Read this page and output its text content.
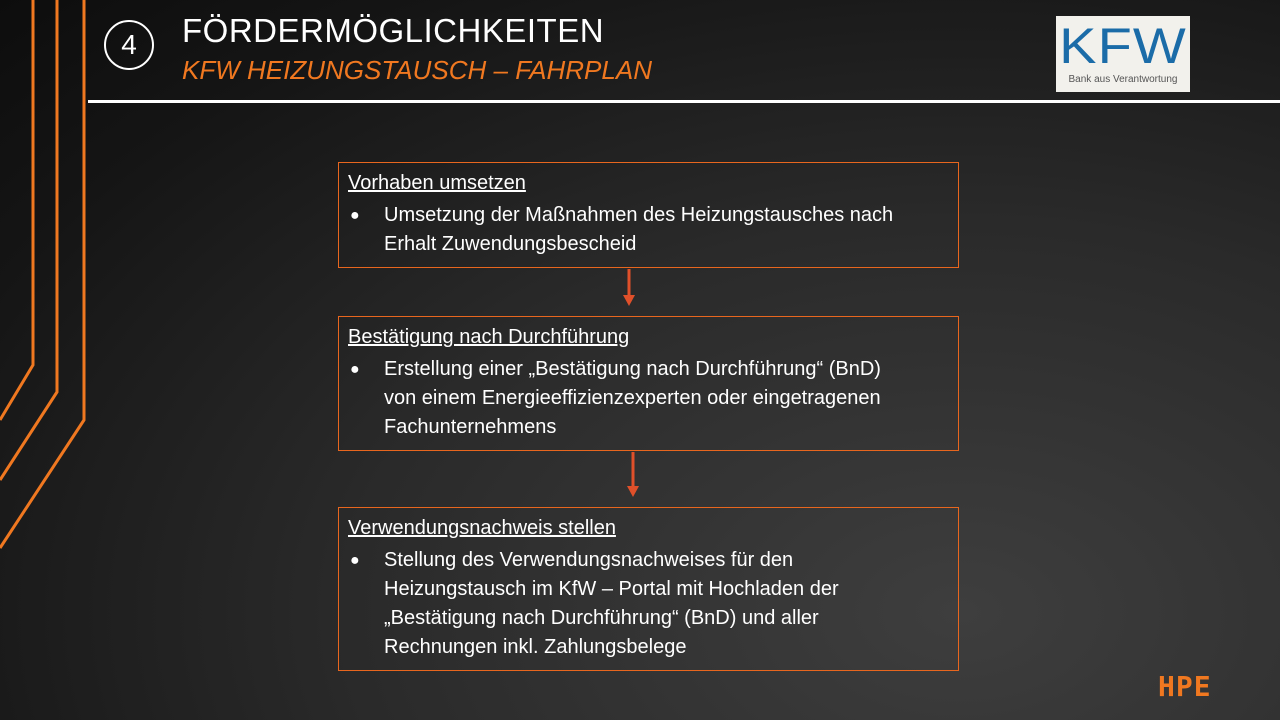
4 FÖRDERMÖGLICHKEITEN
KFW HEIZUNGSTAUSCH – FAHRPLAN	KFW
Bank aus Verantwortung
Vorhaben umsetzen
● Umsetzung der Maßnahmen des Heizungstausches nach
Erhalt Zuwendungsbescheid
Bestätigung nach Durchführung
● Erstellung einer „Bestätigung nach Durchführung“ (BnD)
von einem Energieeffizienzexperten oder eingetragenen
Fachunternehmens
Verwendungsnachweis stellen
● Stellung des Verwendungsnachweises für den
Heizungstausch im KfW – Portal mit Hochladen der
„Bestätigung nach Durchführung“ (BnD) und aller
Rechnungen inkl. Zahlungsbelege
HPE
